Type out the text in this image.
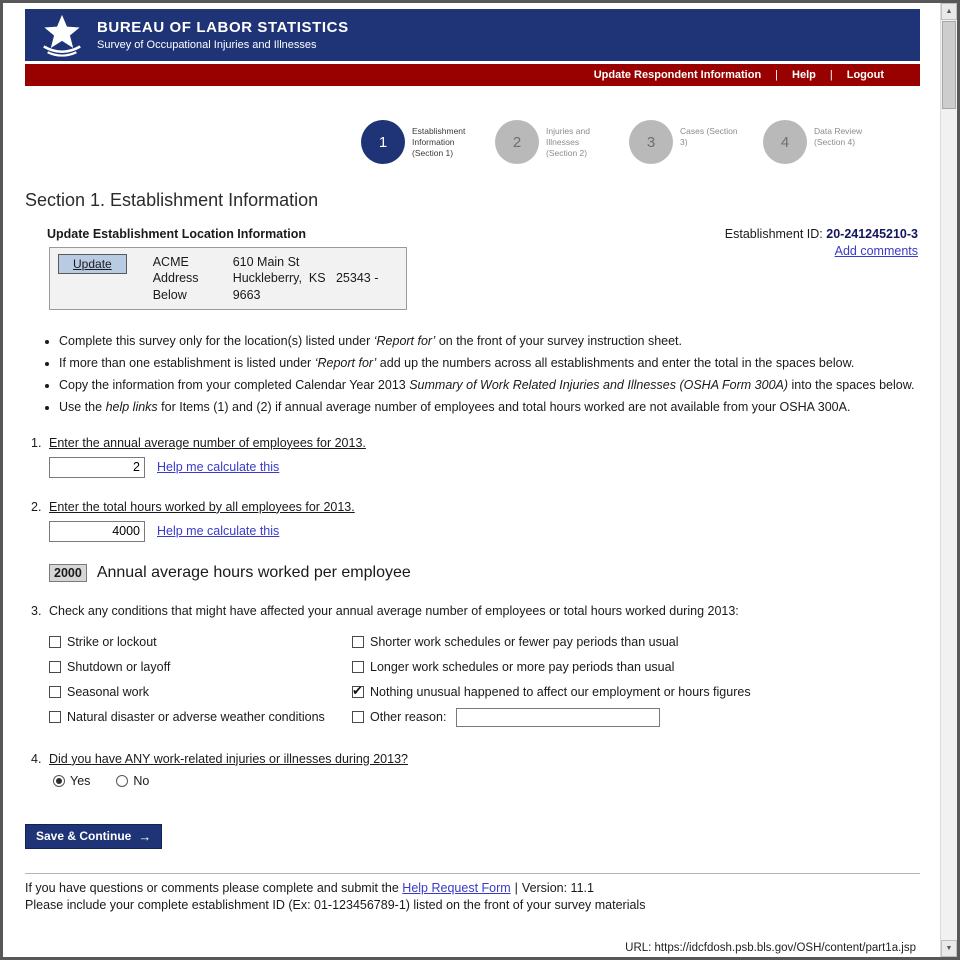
BUREAU OF LABOR STATISTICS
Survey of Occupational Injuries and Illnesses
Update Respondent Information | Help | Logout
1
Establishment Information (Section 1)
2
Injuries and Illnesses (Section 2)
3
Cases (Section 3)	4
Data Review (Section 4)
Section 1. Establishment Information
Update Establishment Location Information
Update	ACME Address Below
610 Main St
Huckleberry,  KS   25343 -
9663
Establishment ID: 20-241245210-3
Add comments
• Complete this survey only for the location(s) listed under ‘Report for’ on the front of your survey instruction sheet.
• If more than one establishment is listed under ‘Report for’ add up the numbers across all establishments and enter the total in the spaces below.
• Copy the information from your completed Calendar Year 2013 Summary of Work Related Injuries and Illnesses (OSHA Form 300A) into the spaces below.
• Use the help links for Items (1) and (2) if annual average number of employees and total hours worked are not available from your OSHA 300A.
1. Enter the annual average number of employees for 2013.
2
Help me calculate this
2. Enter the total hours worked by all employees for 2013.
4000
Help me calculate this
2000 Annual average hours worked per employee
3. Check any conditions that might have affected your annual average number of employees or total hours worked during 2013:
Strike or lockout
Shutdown or layoff
Seasonal work
Natural disaster or adverse weather conditions
Shorter work schedules or fewer pay periods than usual
Longer work schedules or more pay periods than usual
✔
Nothing unusual happened to affect our employment or hours figures
Other reason:
4. Did you have ANY work-related injuries or illnesses during 2013?
Yes	No
Save & Continue →
If you have questions or comments please complete and submit the Help Request Form | Version: 11.1
Please include your complete establishment ID (Ex: 01-123456789-1) listed on the front of your survey materials
URL: https://idcfdosh.psb.bls.gov/OSH/content/part1a.jsp
▲
▼
